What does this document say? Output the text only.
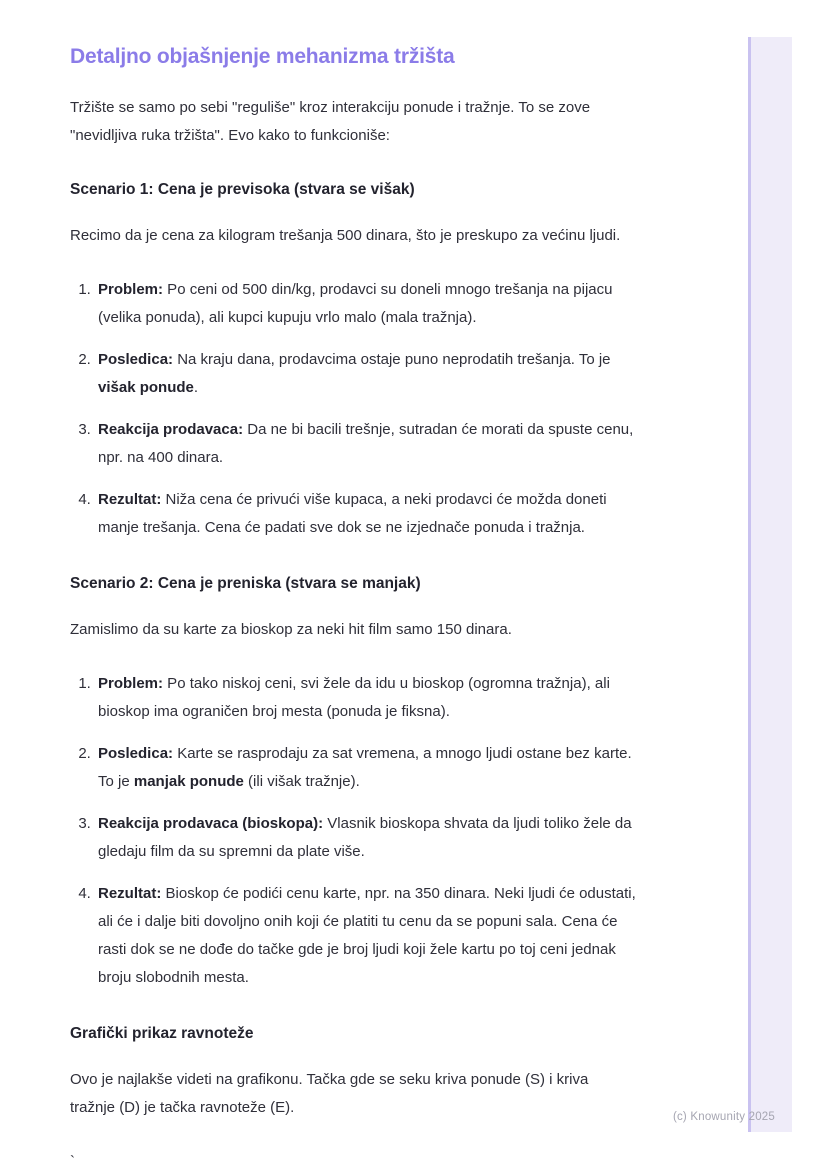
Detaljno objašnjenje mehanizma tržišta

Tržište se samo po sebi "reguliše" kroz interakciju ponude i tražnje. To se zove "nevidljiva ruka tržišta". Evo kako to funkcioniše:

Scenario 1: Cena je previsoka (stvara se višak)

Recimo da je cena za kilogram trešanja 500 dinara, što je preskupo za većinu ljudi.

1. Problem: Po ceni od 500 din/kg, prodavci su doneli mnogo trešanja na pijacu (velika ponuda), ali kupci kupuju vrlo malo (mala tražnja).
2. Posledica: Na kraju dana, prodavcima ostaje puno neprodatih trešanja. To je višak ponude.
3. Reakcija prodavaca: Da ne bi bacili trešnje, sutradan će morati da spuste cenu, npr. na 400 dinara.
4. Rezultat: Niža cena će privući više kupaca, a neki prodavci će možda doneti manje trešanja. Cena će padati sve dok se ne izjednače ponuda i tražnja.
Scenario 2: Cena je preniska (stvara se manjak)

Zamislimo da su karte za bioskop za neki hit film samo 150 dinara.

1. Problem: Po tako niskoj ceni, svi žele da idu u bioskop (ogromna tražnja), ali bioskop ima ograničen broj mesta (ponuda je fiksna).
2. Posledica: Karte se rasprodaju za sat vremena, a mnogo ljudi ostane bez karte. To je manjak ponude (ili višak tražnje).
3. Reakcija prodavaca (bioskopa): Vlasnik bioskopa shvata da ljudi toliko žele da gledaju film da su spremni da plate više.
4. Rezultat: Bioskop će podići cenu karte, npr. na 350 dinara. Neki ljudi će odustati, ali će i dalje biti dovoljno onih koji će platiti tu cenu da se popuni sala. Cena će rasti dok se ne dođe do tačke gde je broj ljudi koji žele kartu po toj ceni jednak broju slobodnih mesta.
Grafički prikaz ravnoteže

Ovo je najlakše videti na grafikonu. Tačka gde se seku kriva ponude (S) i kriva tražnje (D) je tačka ravnoteže (E).

`

(c) Knowunity 2025
